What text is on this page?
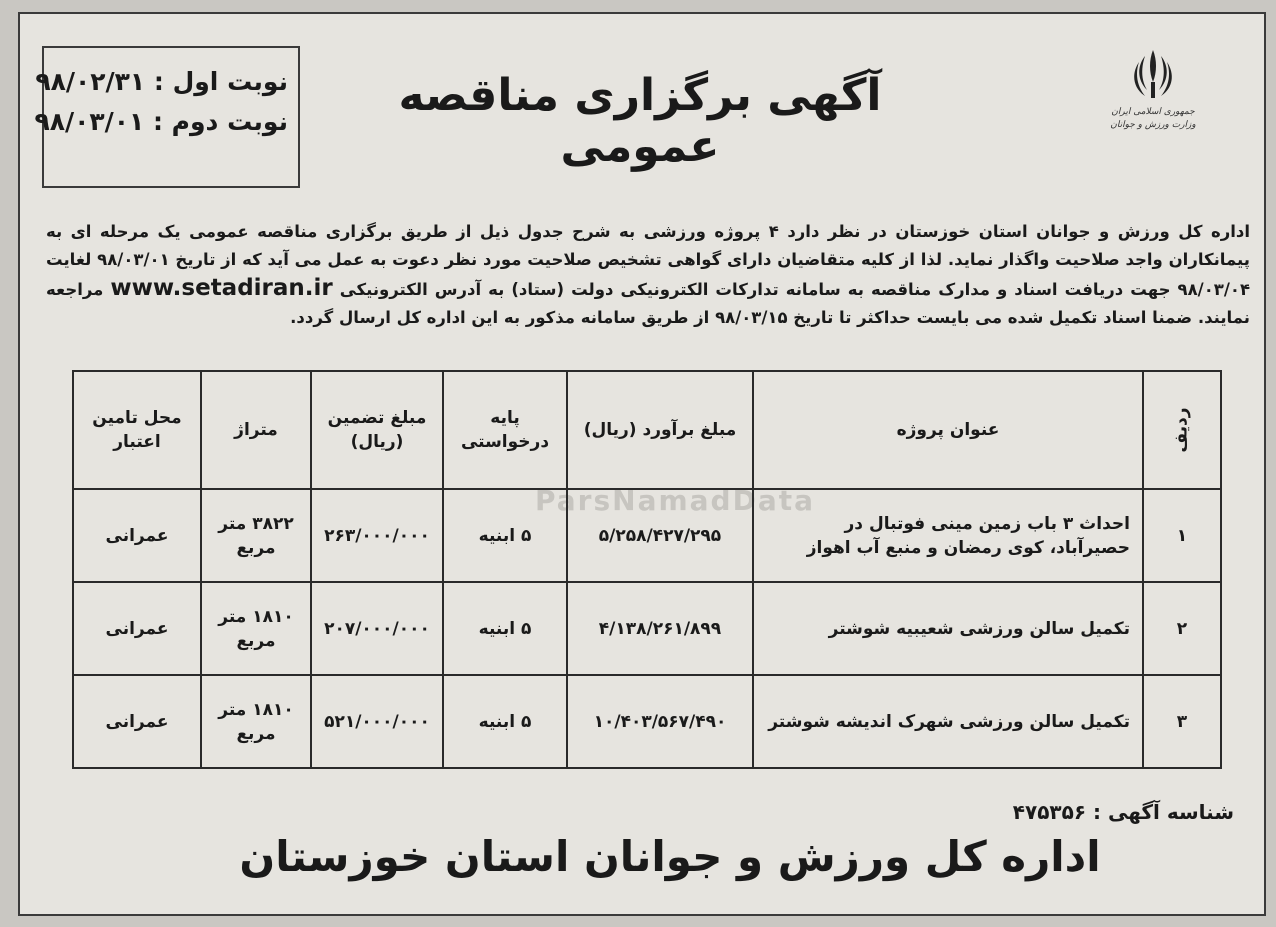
جمهوری اسلامی ایران
وزارت ورزش و جوانان
آگهی برگزاری مناقصه عمومی
نوبت اول : ۹۸/۰۲/۳۱
نوبت دوم : ۹۸/۰۳/۰۱
اداره کل ورزش و جوانان استان خوزستان در نظر دارد ۴ پروژه ورزشی به شرح جدول ذیل از طریق برگزاری مناقصه عمومی یک مرحله ای به پیمانکاران واجد صلاحیت واگذار نماید. لذا از کلیه متقاضیان دارای گواهی تشخیص صلاحیت مورد نظر دعوت به عمل می آید که از تاریخ ۹۸/۰۳/۰۱ لغایت ۹۸/۰۳/۰۴ جهت دریافت اسناد و مدارک مناقصه به سامانه تدارکات الکترونیکی دولت (ستاد) به آدرس الکترونیکی www.setadiran.ir مراجعه نمایند. ضمنا اسناد تکمیل شده می بایست حداکثر تا تاریخ ۹۸/۰۳/۱۵ از طریق سامانه مذکور به این اداره کل ارسال گردد.
ParsNamadData
ردیف	عنوان پروژه	مبلغ برآورد (ریال)	پایه درخواستی	مبلغ تضمین (ریال)	متراژ	محل تامین اعتبار
۱	احداث ۳ باب زمین مینی فوتبال در حصیرآباد، کوی رمضان و منبع آب اهواز	۵/۲۵۸/۴۲۷/۲۹۵	۵ ابنیه	۲۶۳/۰۰۰/۰۰۰	۳۸۲۲ متر مربع	عمرانی
۲	تکمیل سالن ورزشی شعیبیه شوشتر	۴/۱۳۸/۲۶۱/۸۹۹	۵ ابنیه	۲۰۷/۰۰۰/۰۰۰	۱۸۱۰ متر مربع	عمرانی
۳	تکمیل سالن ورزشی شهرک اندیشه شوشتر	۱۰/۴۰۳/۵۶۷/۴۹۰	۵ ابنیه	۵۲۱/۰۰۰/۰۰۰	۱۸۱۰ متر مربع	عمرانی
شناسه آگهی : ۴۷۵۳۵۶
اداره کل ورزش و جوانان استان خوزستان
